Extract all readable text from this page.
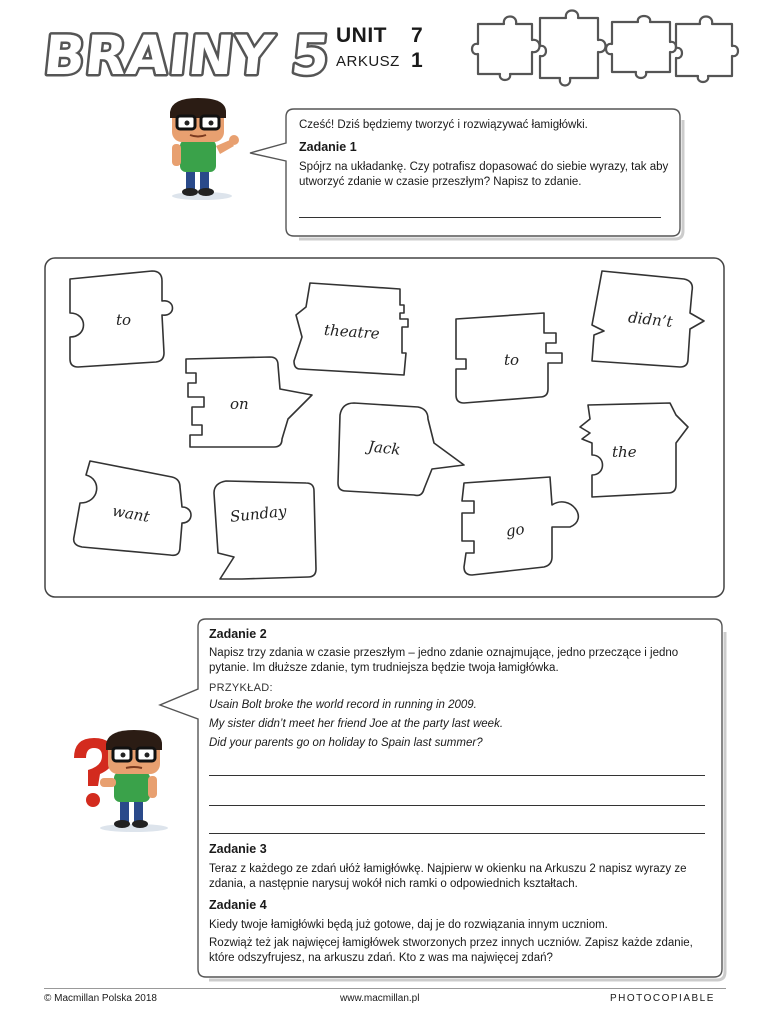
BRAINY 5 UNIT 7
ARKUSZ 1
Cześć! Dziś będziemy tworzyć i rozwiązywać łamigłówki.
Zadanie 1
Spójrz na układankę. Czy potrafisz dopasować do siebie wyrazy, tak aby utworzyć zdanie w czasie przeszłym? Napisz to zdanie.
to
theatre
to
didn’t
on
Jack	the
want	Sunday
go
Zadanie 2
Napisz trzy zdania w czasie przeszłym – jedno zdanie oznajmujące, jedno przeczące i jedno pytanie. Im dłuższe zdanie, tym trudniejsza będzie twoja łamigłówka.
PRZYKŁAD:
Usain Bolt broke the world record in running in 2009.
My sister didn’t meet her friend Joe at the party last week.
Did your parents go on holiday to Spain last summer?
Zadanie 3
Teraz z każdego ze zdań ułóż łamigłówkę. Najpierw w okienku na Arkuszu 2 napisz wyrazy ze zdania, a następnie narysuj wokół nich ramki o odpowiednich kształtach.
Zadanie 4
Kiedy twoje łamigłówki będą już gotowe, daj je do rozwiązania innym uczniom.
Rozwiąż też jak najwięcej łamigłówek stworzonych przez innych uczniów. Zapisz każde zdanie, które odszyfrujesz, na arkuszu zdań. Kto z was ma najwięcej zdań?
© Macmillan Polska 2018	www.macmillan.pl	PHOTOCOPIABLE
